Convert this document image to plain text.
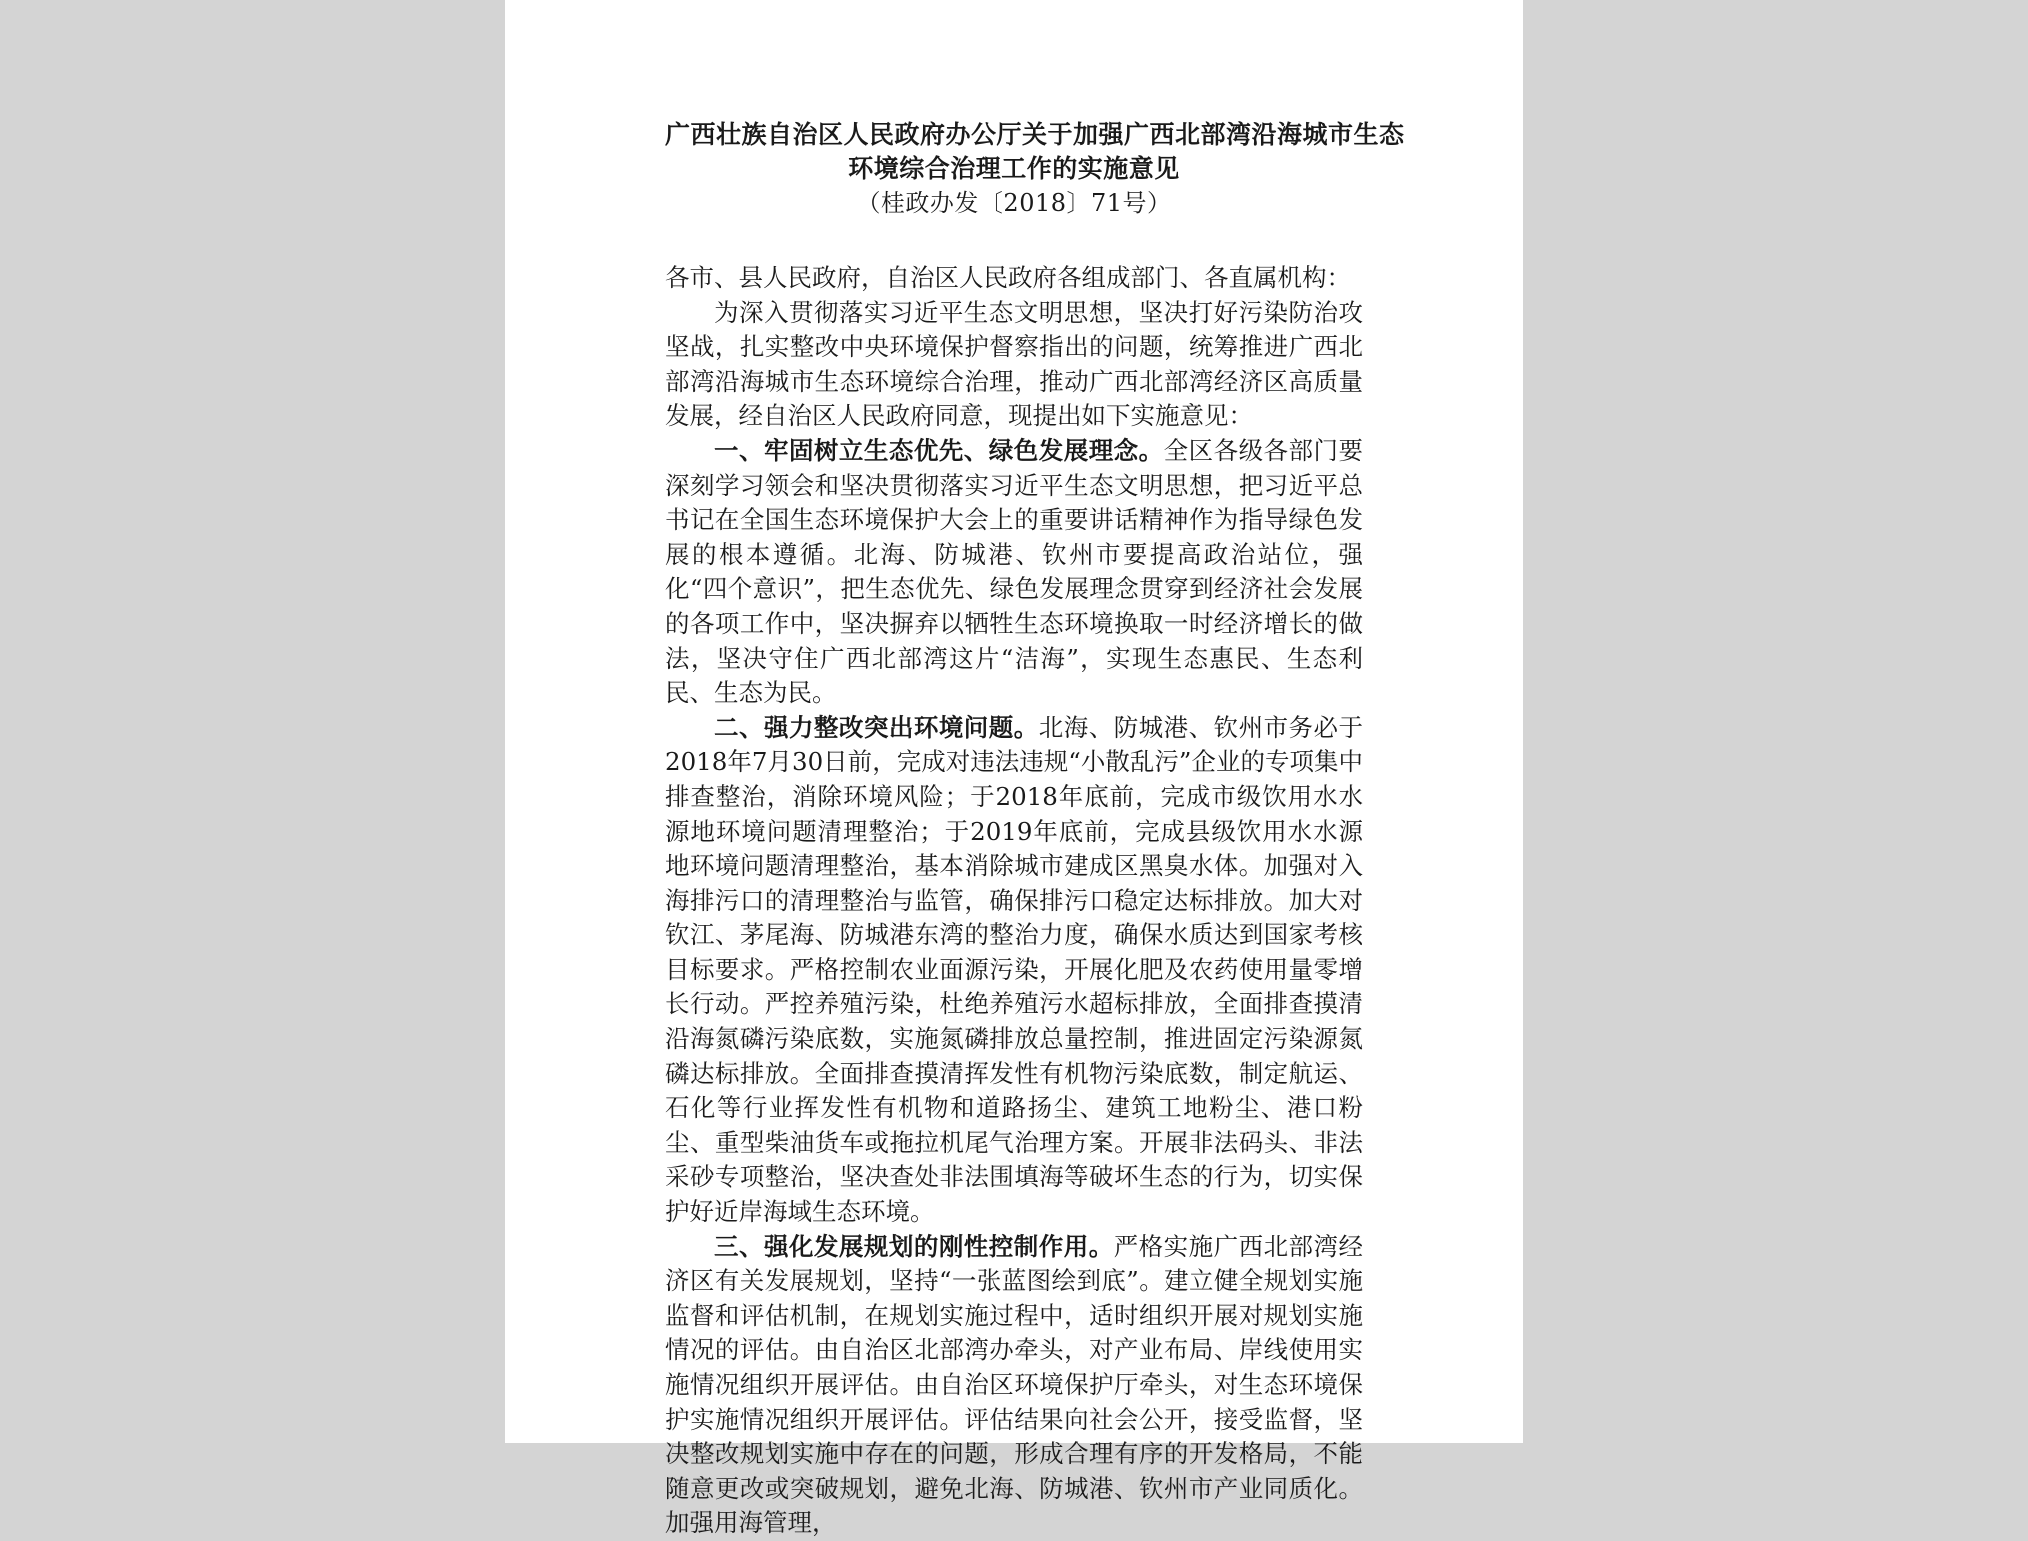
广西壮族自治区人民政府办公厅关于加强广西北部湾沿海城市生态
环境综合治理工作的实施意见

（桂政办发〔2018〕71号）

各市、县人民政府，自治区人民政府各组成部门、各直属机构：

为深入贯彻落实习近平生态文明思想，坚决打好污染防治攻坚战，扎实整改中央环境保护督察指出的问题，统筹推进广西北部湾沿海城市生态环境综合治理，推动广西北部湾经济区高质量发展，经自治区人民政府同意，现提出如下实施意见：

一、牢固树立生态优先、绿色发展理念。全区各级各部门要深刻学习领会和坚决贯彻落实习近平生态文明思想，把习近平总书记在全国生态环境保护大会上的重要讲话精神作为指导绿色发展的根本遵循。北海、防城港、钦州市要提高政治站位，强化“四个意识”，把生态优先、绿色发展理念贯穿到经济社会发展的各项工作中，坚决摒弃以牺牲生态环境换取一时经济增长的做法，坚决守住广西北部湾这片“洁海”，实现生态惠民、生态利民、生态为民。

二、强力整改突出环境问题。北海、防城港、钦州市务必于2018年7月30日前，完成对违法违规“小散乱污”企业的专项集中排查整治，消除环境风险；于2018年底前，完成市级饮用水水源地环境问题清理整治；于2019年底前，完成县级饮用水水源地环境问题清理整治，基本消除城市建成区黑臭水体。加强对入海排污口的清理整治与监管，确保排污口稳定达标排放。加大对钦江、茅尾海、防城港东湾的整治力度，确保水质达到国家考核目标要求。严格控制农业面源污染，开展化肥及农药使用量零增长行动。严控养殖污染，杜绝养殖污水超标排放，全面排查摸清沿海氮磷污染底数，实施氮磷排放总量控制，推进固定污染源氮磷达标排放。全面排查摸清挥发性有机物污染底数，制定航运、石化等行业挥发性有机物和道路扬尘、建筑工地粉尘、港口粉尘、重型柴油货车或拖拉机尾气治理方案。开展非法码头、非法采砂专项整治，坚决查处非法围填海等破坏生态的行为，切实保护好近岸海域生态环境。

三、强化发展规划的刚性控制作用。严格实施广西北部湾经济区有关发展规划，坚持“一张蓝图绘到底”。建立健全规划实施监督和评估机制，在规划实施过程中，适时组织开展对规划实施情况的评估。由自治区北部湾办牵头，对产业布局、岸线使用实施情况组织开展评估。由自治区环境保护厅牵头，对生态环境保护实施情况组织开展评估。评估结果向社会公开，接受监督，坚决整改规划实施中存在的问题，形成合理有序的开发格局，不能随意更改或突破规划，避免北海、防城港、钦州市产业同质化。加强用海管理，
